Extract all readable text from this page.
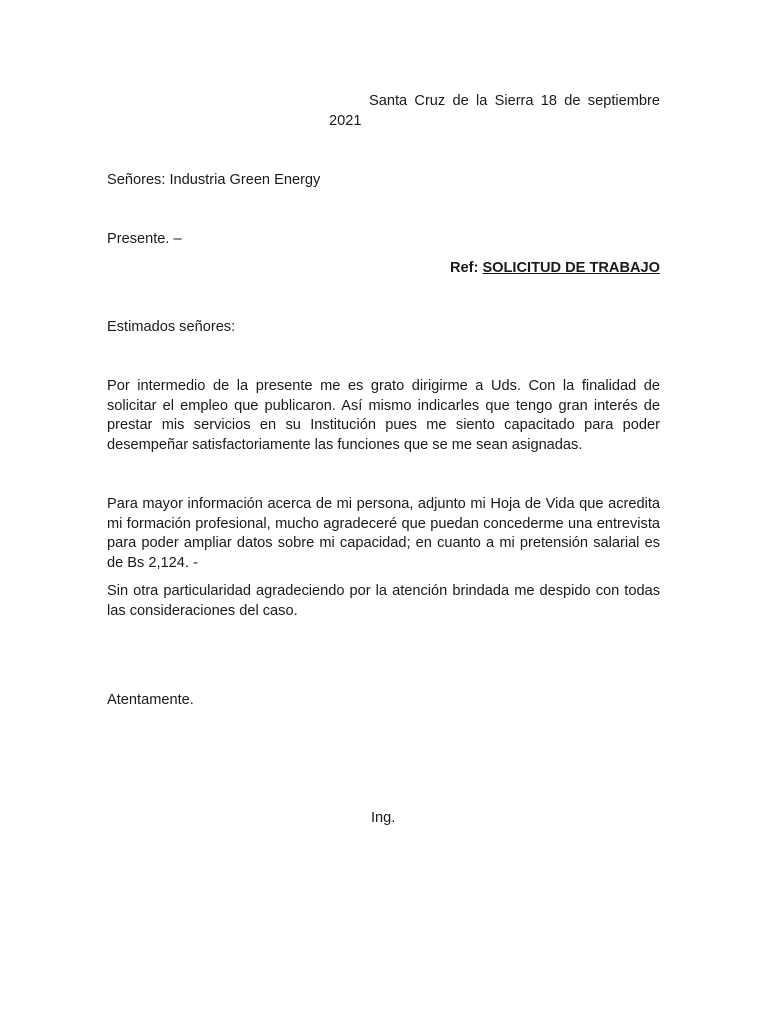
Santa Cruz de la Sierra 18 de septiembre
2021
Señores: Industria Green Energy
Presente. –
Ref: SOLICITUD DE TRABAJO
Estimados señores:
Por intermedio de la presente me es grato dirigirme a Uds. Con la finalidad de solicitar el empleo que publicaron. Así mismo indicarles que tengo gran interés de prestar mis servicios en su Institución pues me siento capacitado para poder desempeñar satisfactoriamente las funciones que se me sean asignadas.
Para mayor información acerca de mi persona, adjunto mi Hoja de Vida que acredita mi formación profesional, mucho agradeceré que puedan concederme una entrevista para poder ampliar datos sobre mi capacidad; en cuanto a mi pretensión salarial es de Bs 2,124. -
Sin otra particularidad agradeciendo por la atención brindada me despido con todas las consideraciones del caso.
Atentamente.
Ing.
